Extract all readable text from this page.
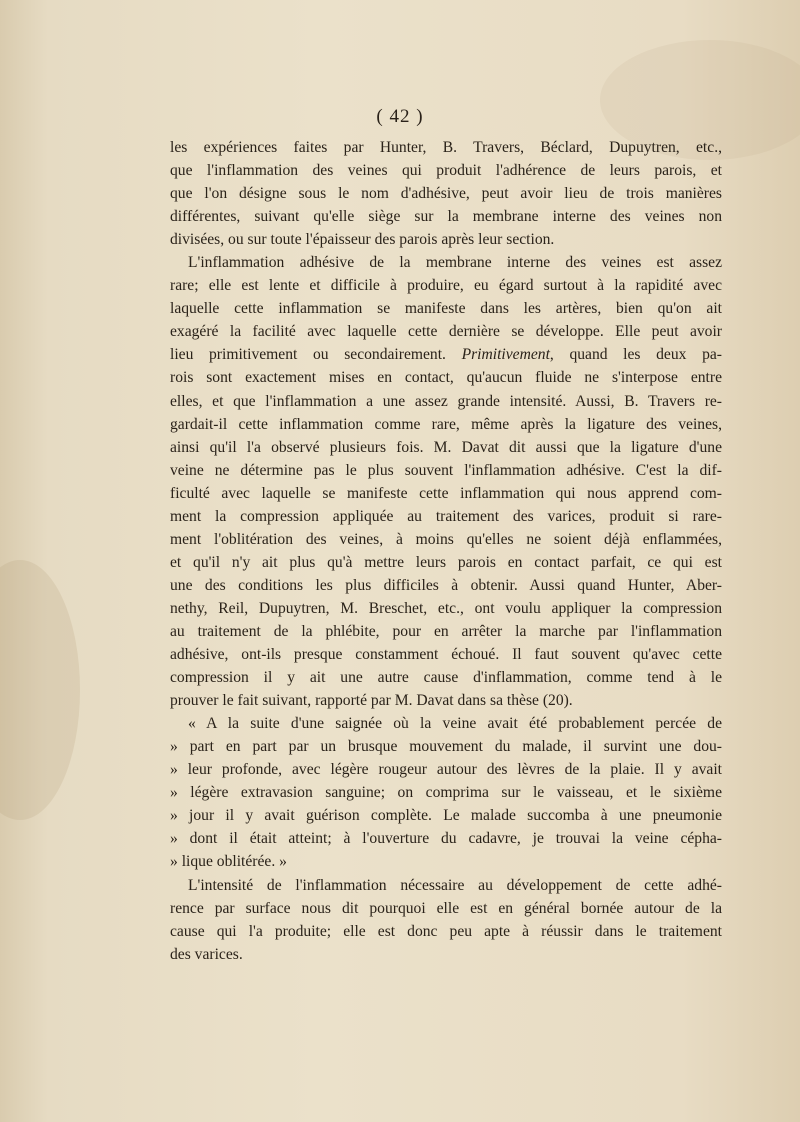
( 42 )
les expériences faites par Hunter, B. Travers, Béclard, Dupuytren, etc.,
que l'inflammation des veines qui produit l'adhérence de leurs parois, et
que l'on désigne sous le nom d'adhésive, peut avoir lieu de trois manières
différentes, suivant qu'elle siège sur la membrane interne des veines non
divisées, ou sur toute l'épaisseur des parois après leur section.
L'inflammation adhésive de la membrane interne des veines est assez
rare; elle est lente et difficile à produire, eu égard surtout à la rapidité avec
laquelle cette inflammation se manifeste dans les artères, bien qu'on ait
exagéré la facilité avec laquelle cette dernière se développe. Elle peut avoir
lieu primitivement ou secondairement. Primitivement, quand les deux pa-
rois sont exactement mises en contact, qu'aucun fluide ne s'interpose entre
elles, et que l'inflammation a une assez grande intensité. Aussi, B. Travers re-
gardait-il cette inflammation comme rare, même après la ligature des veines,
ainsi qu'il l'a observé plusieurs fois. M. Davat dit aussi que la ligature d'une
veine ne détermine pas le plus souvent l'inflammation adhésive. C'est la dif-
ficulté avec laquelle se manifeste cette inflammation qui nous apprend com-
ment la compression appliquée au traitement des varices, produit si rare-
ment l'oblitération des veines, à moins qu'elles ne soient déjà enflammées,
et qu'il n'y ait plus qu'à mettre leurs parois en contact parfait, ce qui est
une des conditions les plus difficiles à obtenir. Aussi quand Hunter, Aber-
nethy, Reil, Dupuytren, M. Breschet, etc., ont voulu appliquer la compression
au traitement de la phlébite, pour en arrêter la marche par l'inflammation
adhésive, ont-ils presque constamment échoué. Il faut souvent qu'avec cette
compression il y ait une autre cause d'inflammation, comme tend à le
prouver le fait suivant, rapporté par M. Davat dans sa thèse (20).
« A la suite d'une saignée où la veine avait été probablement percée de
» part en part par un brusque mouvement du malade, il survint une dou-
» leur profonde, avec légère rougeur autour des lèvres de la plaie. Il y avait
» légère extravasion sanguine; on comprima sur le vaisseau, et le sixième
» jour il y avait guérison complète. Le malade succomba à une pneumonie
» dont il était atteint; à l'ouverture du cadavre, je trouvai la veine cépha-
» lique oblitérée. »
L'intensité de l'inflammation nécessaire au développement de cette adhé-
rence par surface nous dit pourquoi elle est en général bornée autour de la
cause qui l'a produite; elle est donc peu apte à réussir dans le traitement
des varices.
